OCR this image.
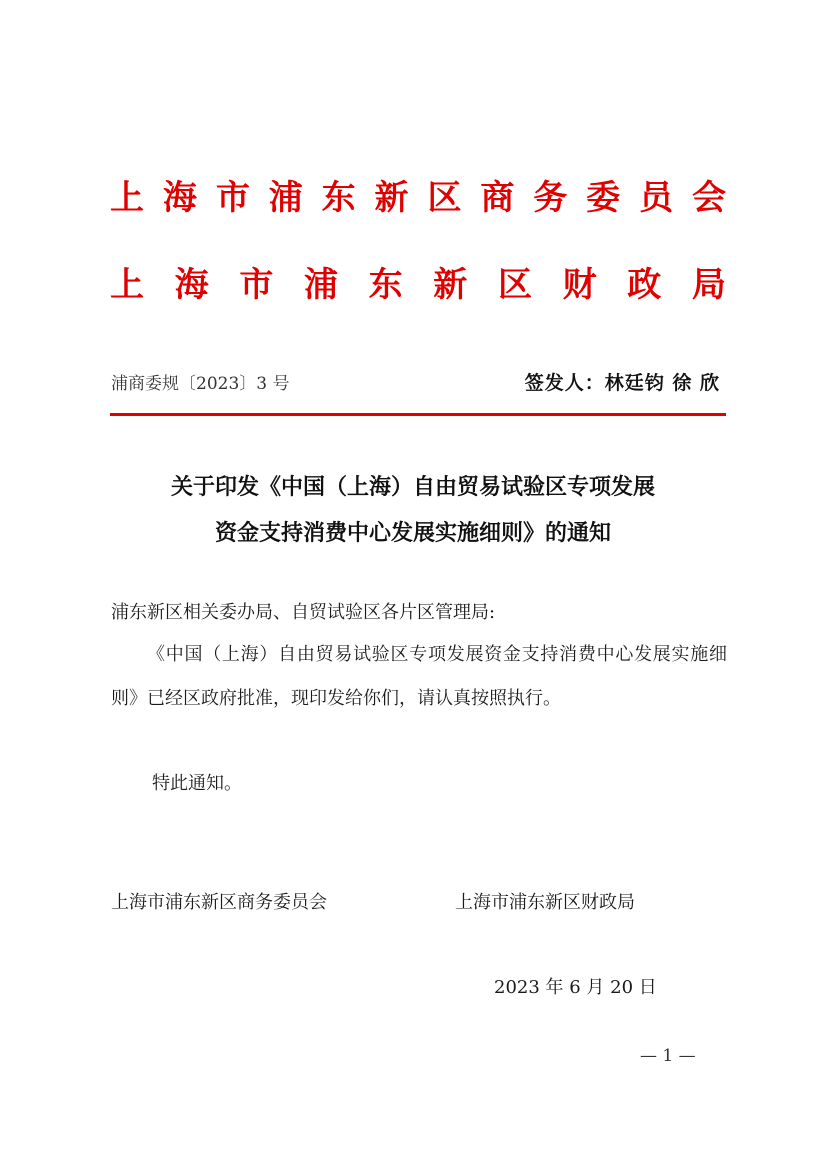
上 海 市 浦 东 新 区 商 务 委 员 会
上 海 市 浦 东 新 区 财 政 局
浦商委规〔2023〕3 号	签发人：林廷钧 徐 欣
关于印发《中国（上海）自由贸易试验区专项发展
资金支持消费中心发展实施细则》的通知
浦东新区相关委办局、自贸试验区各片区管理局:
《中国（上海）自由贸易试验区专项发展资金支持消费中心发展实施细则》已经区政府批准，现印发给你们，请认真按照执行。
特此通知。
上海市浦东新区商务委员会	上海市浦东新区财政局
2023 年 6 月 20 日
— 1 —
